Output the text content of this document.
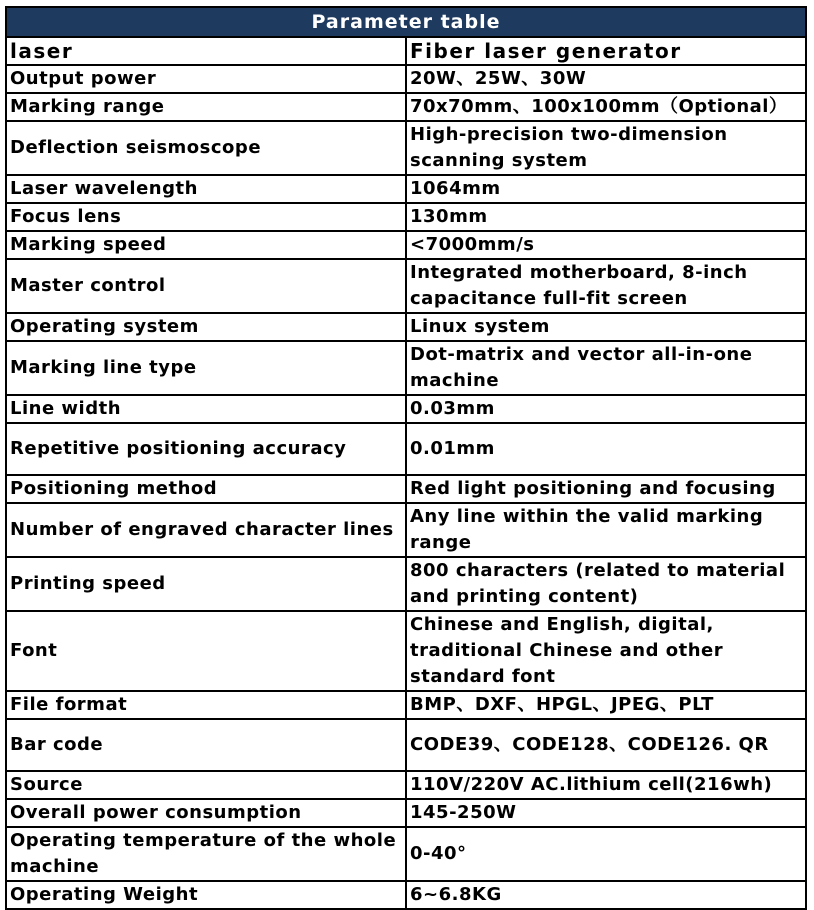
Parameter table	
laser	Fiber laser generator
Output power	20W、25W、30W
Marking range	70x70mm、100x100mm（Optional）
Deflection seismoscope	High-precision two-dimension scanning system
Laser wavelength	1064mm
Focus lens	130mm
Marking speed	<7000mm/s
Master control	Integrated motherboard, 8-inch capacitance full-fit screen
Operating system	Linux system
Marking line type	Dot-matrix and vector all-in-one machine
Line width	0.03mm
Repetitive positioning accuracy	0.01mm
Positioning method	Red light positioning and focusing
Number of engraved character lines	Any line within the valid marking range
Printing speed	800 characters (related to material and printing content)
Font	Chinese and English, digital, traditional Chinese and other standard font
File format	BMP、DXF、HPGL、JPEG、PLT
Bar code	CODE39、CODE128、CODE126. QR
Source	110V/220V AC.lithium cell(216wh)
Overall power consumption	145-250W
Operating temperature of the whole machine	0-40°
Operating Weight	6~6.8KG
